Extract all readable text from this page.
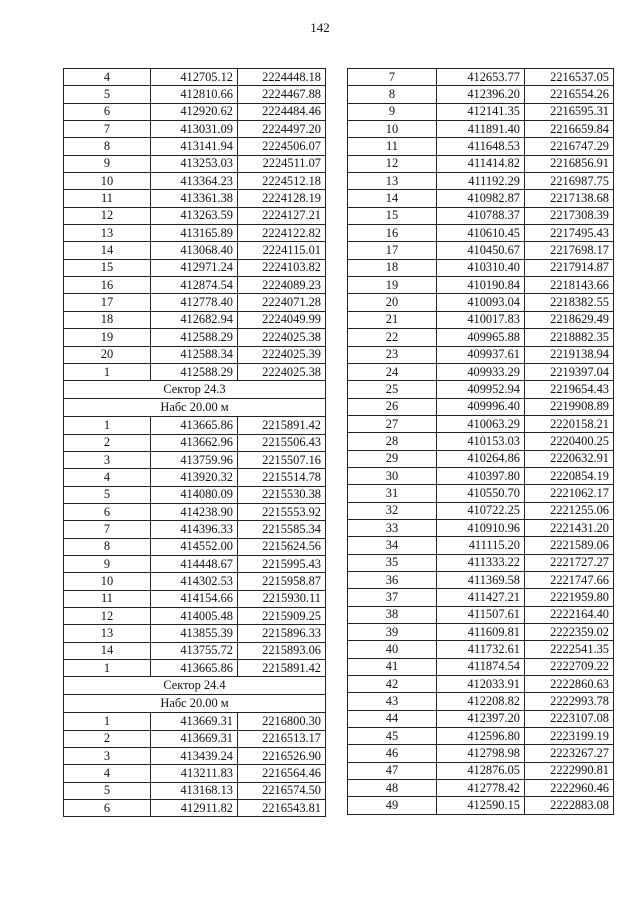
142
4	412705.12	2224448.18
5	412810.66	2224467.88
6	412920.62	2224484.46
7	413031.09	2224497.20
8	413141.94	2224506.07
9	413253.03	2224511.07
10	413364.23	2224512.18
11	413361.38	2224128.19
12	413263.59	2224127.21
13	413165.89	2224122.82
14	413068.40	2224115.01
15	412971.24	2224103.82
16	412874.54	2224089.23
17	412778.40	2224071.28
18	412682.94	2224049.99
19	412588.29	2224025.38
20	412588.34	2224025.39
1	412588.29	2224025.38
Сектор 24.3		
Набс 20.00 м		
1	413665.86	2215891.42
2	413662.96	2215506.43
3	413759.96	2215507.16
4	413920.32	2215514.78
5	414080.09	2215530.38
6	414238.90	2215553.92
7	414396.33	2215585.34
8	414552.00	2215624.56
9	414448.67	2215995.43
10	414302.53	2215958.87
11	414154.66	2215930.11
12	414005.48	2215909.25
13	413855.39	2215896.33
14	413755.72	2215893.06
1	413665.86	2215891.42
Сектор 24.4		
Набс 20.00 м		
1	413669.31	2216800.30
2	413669.31	2216513.17
3	413439.24	2216526.90
4	413211.83	2216564.46
5	413168.13	2216574.50
6	412911.82	2216543.81
7	412653.77	2216537.05
8	412396.20	2216554.26
9	412141.35	2216595.31
10	411891.40	2216659.84
11	411648.53	2216747.29
12	411414.82	2216856.91
13	411192.29	2216987.75
14	410982.87	2217138.68
15	410788.37	2217308.39
16	410610.45	2217495.43
17	410450.67	2217698.17
18	410310.40	2217914.87
19	410190.84	2218143.66
20	410093.04	2218382.55
21	410017.83	2218629.49
22	409965.88	2218882.35
23	409937.61	2219138.94
24	409933.29	2219397.04
25	409952.94	2219654.43
26	409996.40	2219908.89
27	410063.29	2220158.21
28	410153.03	2220400.25
29	410264.86	2220632.91
30	410397.80	2220854.19
31	410550.70	2221062.17
32	410722.25	2221255.06
33	410910.96	2221431.20
34	411115.20	2221589.06
35	411333.22	2221727.27
36	411369.58	2221747.66
37	411427.21	2221959.80
38	411507.61	2222164.40
39	411609.81	2222359.02
40	411732.61	2222541.35
41	411874.54	2222709.22
42	412033.91	2222860.63
43	412208.82	2222993.78
44	412397.20	2223107.08
45	412596.80	2223199.19
46	412798.98	2223267.27
47	412876.05	2222990.81
48	412778.42	2222960.46
49	412590.15	2222883.08
